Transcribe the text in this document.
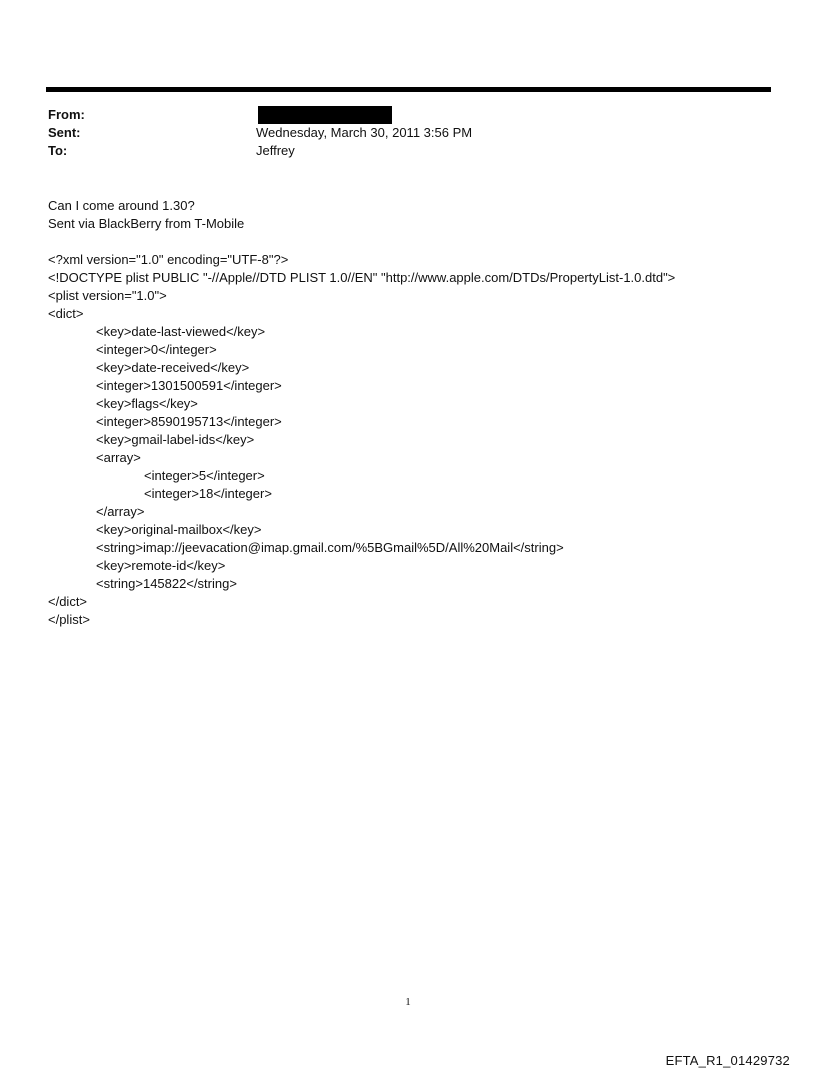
From:
Sent:	Wednesday, March 30, 2011 3:56 PM
To:	Jeffrey
Can I come around 1.30?
Sent via BlackBerry from T-Mobile
<?xml version="1.0" encoding="UTF-8"?>
<!DOCTYPE plist PUBLIC "-//Apple//DTD PLIST 1.0//EN" "http://www.apple.com/DTDs/PropertyList-1.0.dtd">
<plist version="1.0">
<dict>
<key>date-last-viewed</key>
<integer>0</integer>
<key>date-received</key>
<integer>1301500591</integer>
<key>flags</key>
<integer>8590195713</integer>
<key>gmail-label-ids</key>
<array>
<integer>5</integer>
<integer>18</integer>
</array>
<key>original-mailbox</key>
<string>imap://jeevacation@imap.gmail.com/%5BGmail%5D/All%20Mail</string>
<key>remote-id</key>
<string>145822</string>
</dict>
</plist>
1
EFTA_R1_01429732
